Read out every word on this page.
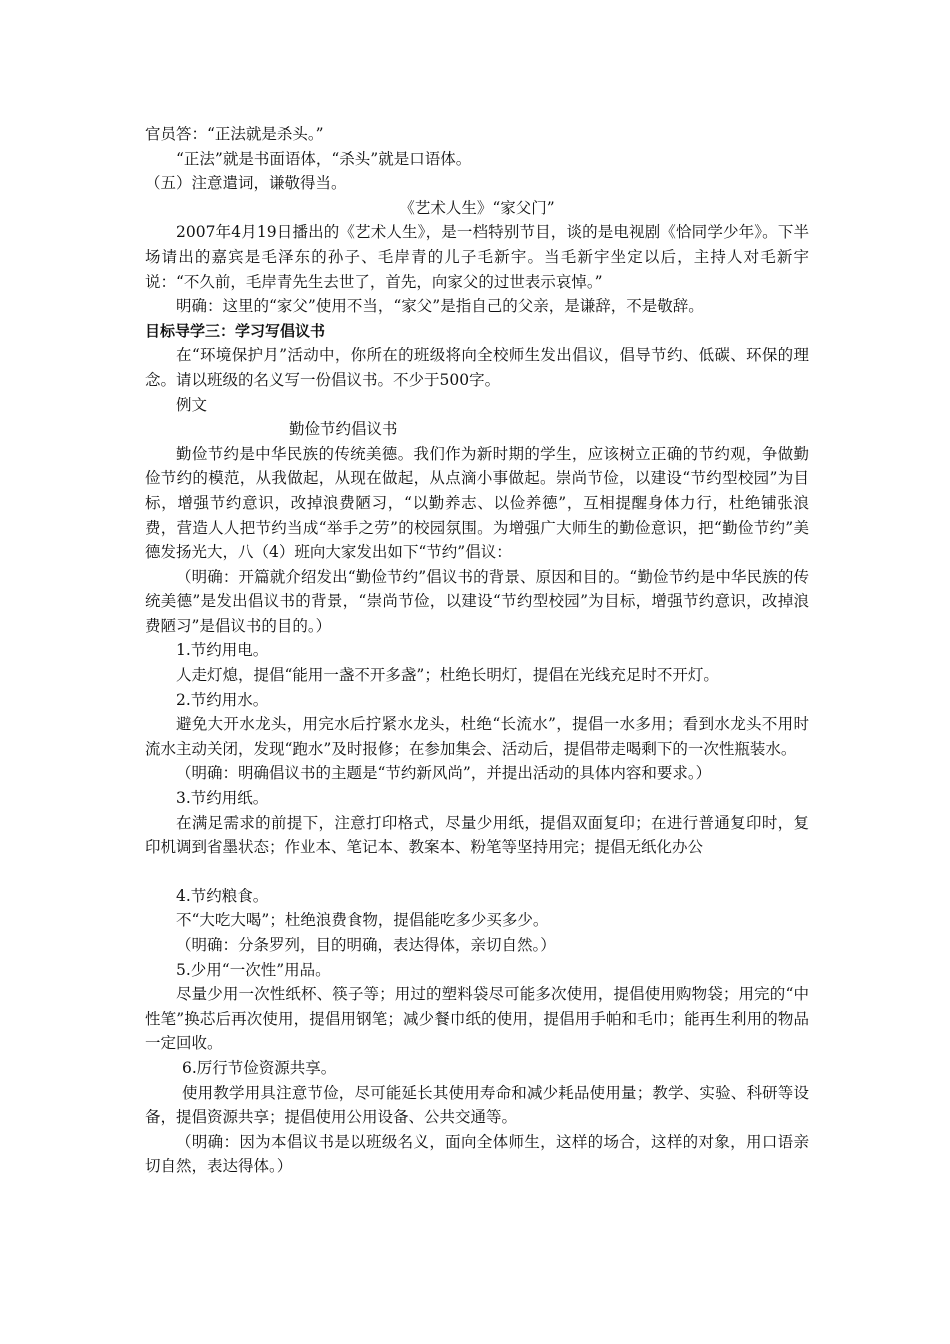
官员答：“正法就是杀头。”

“正法”就是书面语体，“杀头”就是口语体。

（五）注意遣词，谦敬得当。

《艺术人生》“家父门”

2007年4月19日播出的《艺术人生》，是一档特别节目，谈的是电视剧《恰同学少年》。下半场请出的嘉宾是毛泽东的孙子、毛岸青的儿子毛新宇。当毛新宇坐定以后，主持人对毛新宇说：“不久前，毛岸青先生去世了，首先，向家父的过世表示哀悼。”

明确：这里的“家父”使用不当，“家父”是指自己的父亲，是谦辞，不是敬辞。

目标导学三：学习写倡议书

在“环境保护月”活动中，你所在的班级将向全校师生发出倡议，倡导节约、低碳、环保的理念。请以班级的名义写一份倡议书。不少于500字。

例文

勤俭节约倡议书

勤俭节约是中华民族的传统美德。我们作为新时期的学生，应该树立正确的节约观，争做勤俭节约的模范，从我做起，从现在做起，从点滴小事做起。崇尚节俭，以建设“节约型校园”为目标，增强节约意识，改掉浪费陋习，“以勤养志、以俭养德”，互相提醒身体力行，杜绝铺张浪费，营造人人把节约当成“举手之劳”的校园氛围。为增强广大师生的勤俭意识，把“勤俭节约”美德发扬光大，八（4）班向大家发出如下“节约”倡议：

（明确：开篇就介绍发出“勤俭节约”倡议书的背景、原因和目的。“勤俭节约是中华民族的传统美德”是发出倡议书的背景，“崇尚节俭，以建设“节约型校园”为目标，增强节约意识，改掉浪费陋习”是倡议书的目的。）

1.节约用电。

人走灯熄，提倡“能用一盏不开多盏”；杜绝长明灯，提倡在光线充足时不开灯。

2.节约用水。

避免大开水龙头，用完水后拧紧水龙头，杜绝“长流水”，提倡一水多用；看到水龙头不用时流水主动关闭，发现“跑水”及时报修；在参加集会、活动后，提倡带走喝剩下的一次性瓶装水。

（明确：明确倡议书的主题是“节约新风尚”，并提出活动的具体内容和要求。）

3.节约用纸。

在满足需求的前提下，注意打印格式，尽量少用纸，提倡双面复印；在进行普通复印时，复印机调到省墨状态；作业本、笔记本、教案本、粉笔等坚持用完；提倡无纸化办公

4.节约粮食。

不“大吃大喝”；杜绝浪费食物，提倡能吃多少买多少。

（明确：分条罗列，目的明确，表达得体，亲切自然。）

5.少用“一次性”用品。

尽量少用一次性纸杯、筷子等；用过的塑料袋尽可能多次使用，提倡使用购物袋；用完的“中性笔”换芯后再次使用，提倡用钢笔；减少餐巾纸的使用，提倡用手帕和毛巾；能再生利用的物品一定回收。

6.厉行节俭资源共享。

使用教学用具注意节俭，尽可能延长其使用寿命和减少耗品使用量；教学、实验、科研等设备，提倡资源共享；提倡使用公用设备、公共交通等。

（明确：因为本倡议书是以班级名义，面向全体师生，这样的场合，这样的对象，用口语亲切自然，表达得体。）
